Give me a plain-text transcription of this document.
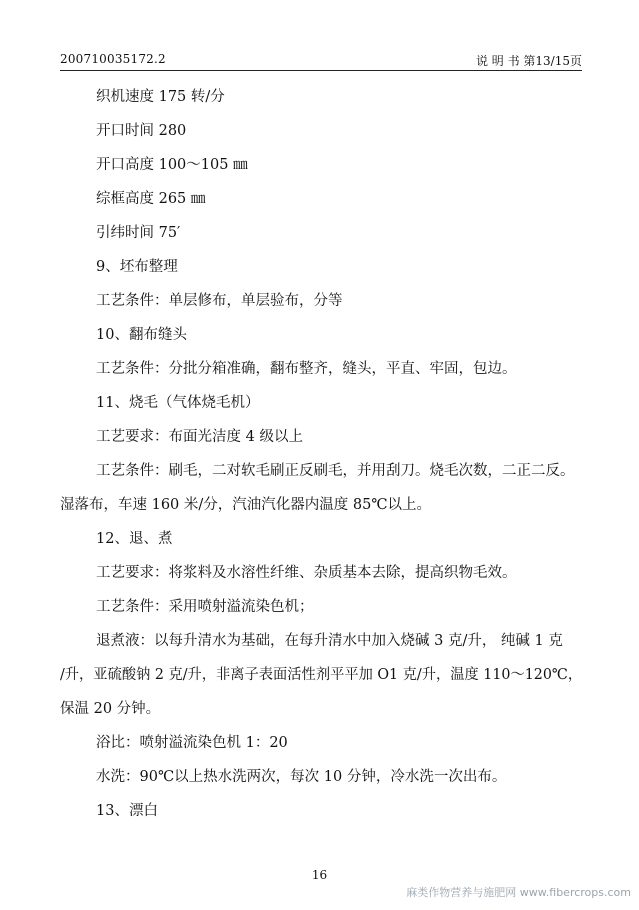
200710035172.2	说 明 书 第13/15页
织机速度 175 转/分
开口时间 280
开口高度 100～105 ㎜
综框高度 265 ㎜
引纬时间 75′
9、坯布整理
工艺条件：单层修布，单层验布，分等
10、翻布缝头
工艺条件：分批分箱准确，翻布整齐，缝头，平直、牢固，包边。
11、烧毛（气体烧毛机）
工艺要求：布面光洁度 4 级以上
工艺条件：刷毛，二对软毛刷正反刷毛，并用刮刀。烧毛次数，二正二反。
湿落布，车速 160 米/分，汽油汽化器内温度 85℃以上。
12、退、煮
工艺要求：将浆料及水溶性纤维、杂质基本去除，提高织物毛效。
工艺条件：采用喷射溢流染色机；
退煮液：以每升清水为基础，在每升清水中加入烧碱 3 克/升， 纯碱 1 克
/升，亚硫酸钠 2 克/升，非离子表面活性剂平平加 O1 克/升，温度 110～120℃，
保温 20 分钟。
浴比：喷射溢流染色机 1：20
水洗：90℃以上热水洗两次，每次 10 分钟，冷水洗一次出布。
13、漂白
16
麻类作物营养与施肥网 www.fibercrops.com
